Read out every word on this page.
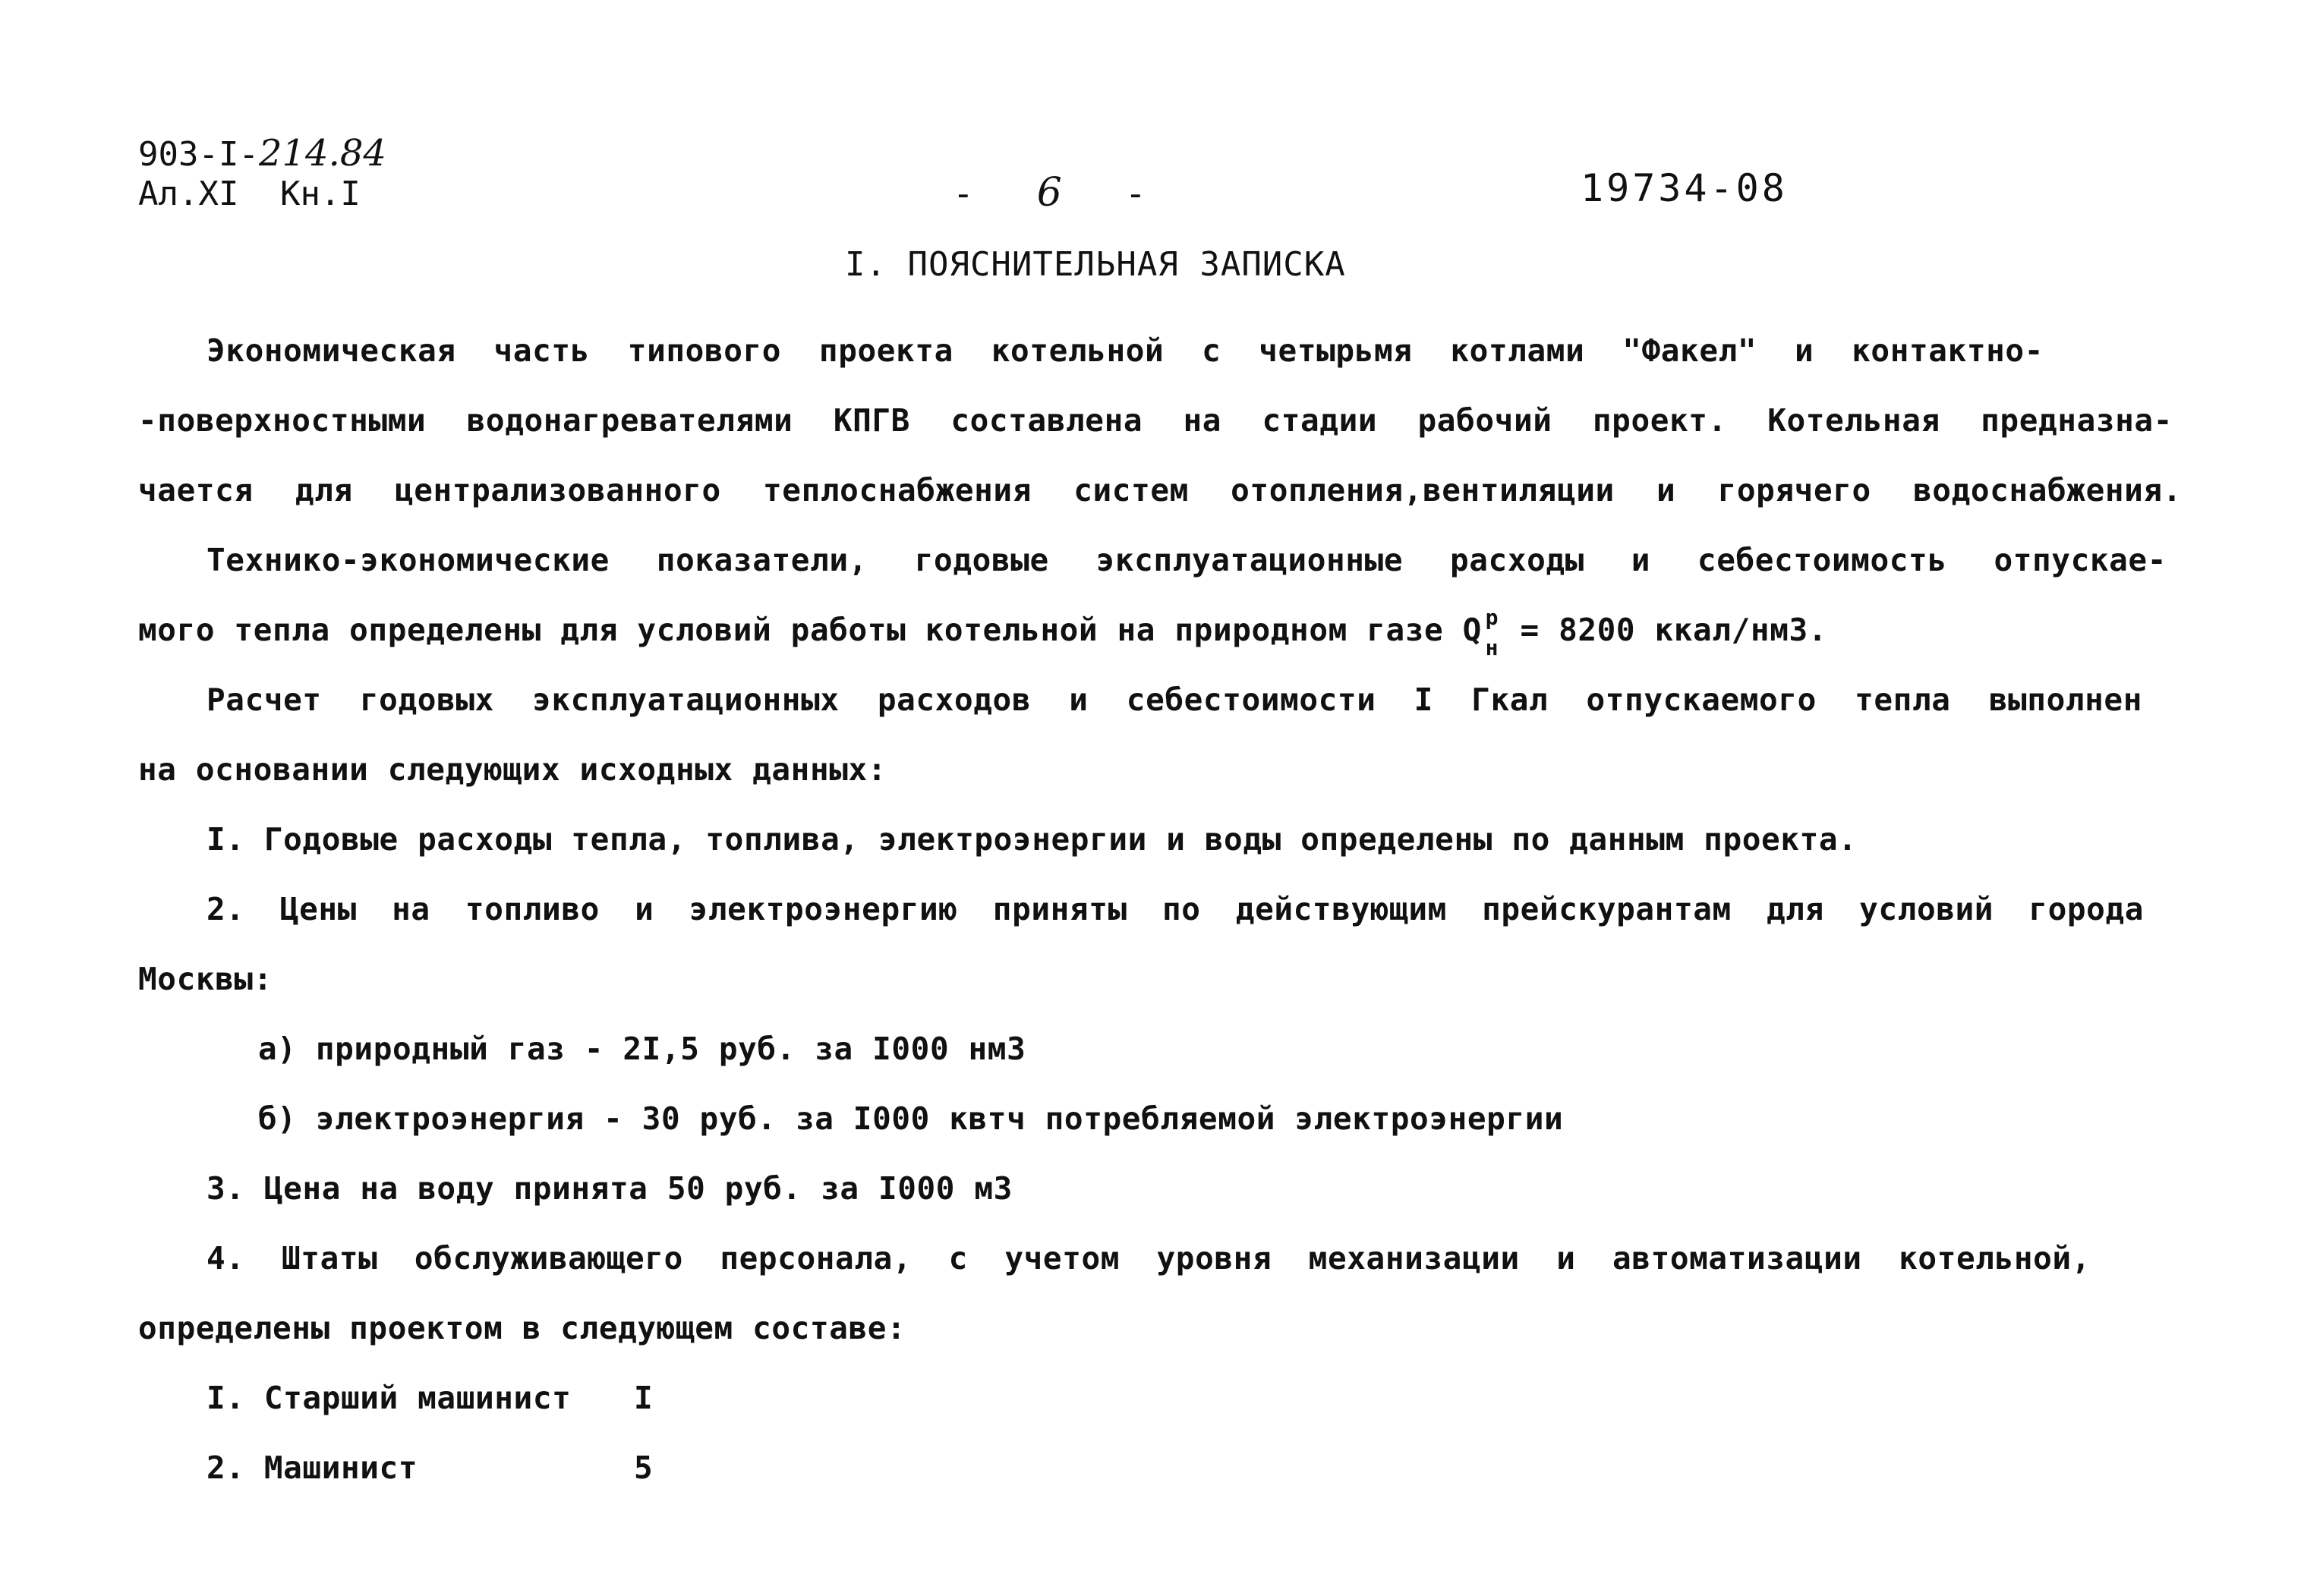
903-I-214.84
Ал.XI Кн.I	- 6 -	19734-08
I. ПОЯСНИТЕЛЬНАЯ ЗАПИСКА
Экономическая часть типового проекта котельной с четырьмя котлами "Факел" и контактно-
-поверхностными водонагревателями КПГВ составлена на стадии рабочий проект. Котельная предназна-
чается для централизованного теплоснабжения систем отопления,вентиляции и горячего водоснабжения.
Технико-экономические показатели, годовые эксплуатационные расходы и себестоимость отпускае-
мого тепла определены для условий работы котельной на природном газе Q р
н = 8200 ккал/нм3.
Расчет годовых эксплуатационных расходов и себестоимости I Гкал отпускаемого тепла выполнен
на основании следующих исходных данных:
I. Годовые расходы тепла, топлива, электроэнергии и воды определены по данным проекта.
2. Цены на топливо и электроэнергию приняты по действующим прейскурантам для условий города
Москвы:
а) природный газ - 2I,5 руб. за I000 нм3
б) электроэнергия - 30 руб. за I000 квтч потребляемой электроэнергии
3. Цена на воду принята 50 руб. за I000 м3
4. Штаты обслуживающего персонала, с учетом уровня механизации и автоматизации котельной,
определены проектом в следующем составе:
I. Старший машинист I
2. Машинист	5
